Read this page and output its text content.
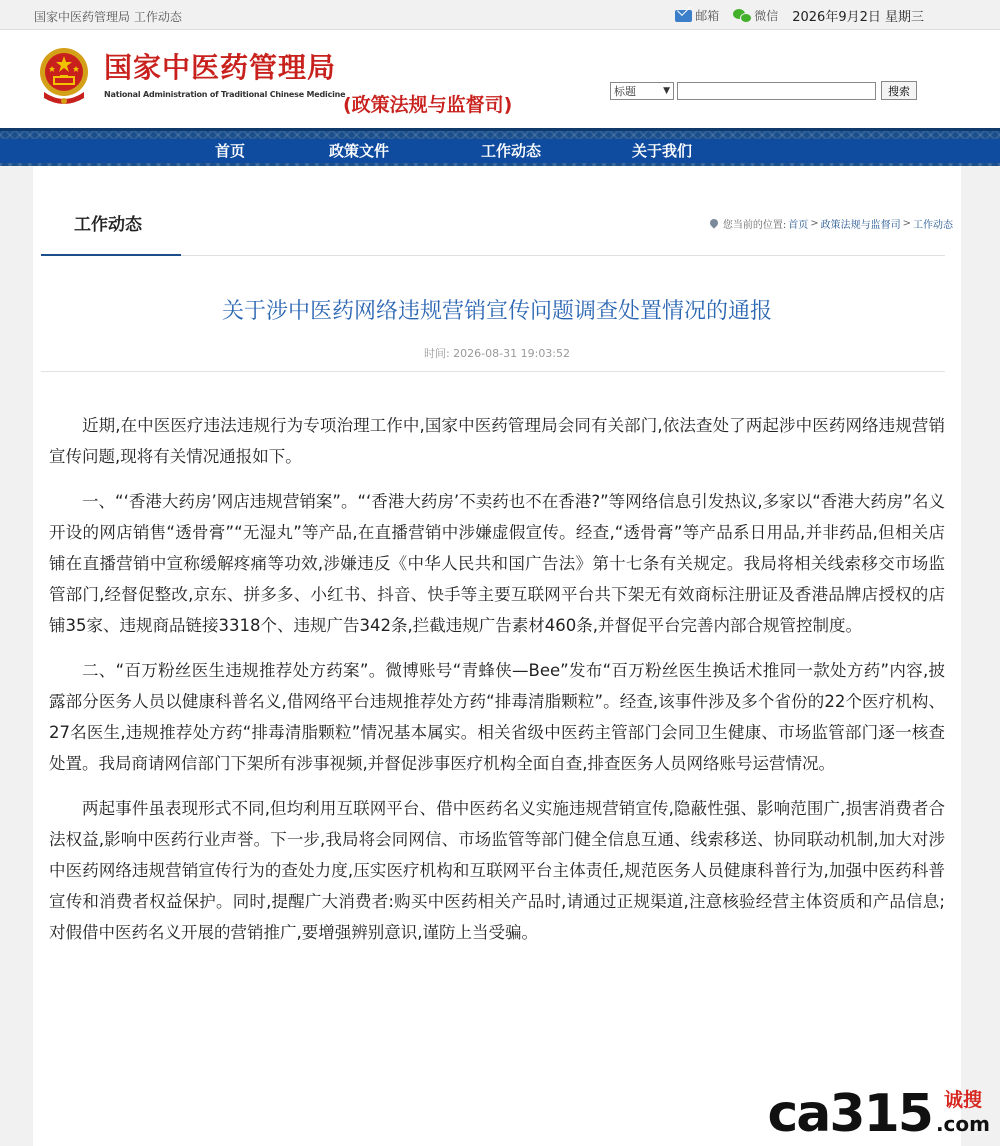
国家中医药管理局 工作动态	邮箱	微信 2026年9月2日 星期三
国家中医药管理局
National Administration of Traditional Chinese Medicine
(政策法规与监督司)
标题	▼	搜索
首页	政策文件	工作动态	关于我们
工作动态	您当前的位置: 首页 > 政策法规与监督司 > 工作动态
关于涉中医药网络违规营销宣传问题调查处置情况的通报
时间: 2026-08-31 19:03:52

近期,在中医医疗违法违规行为专项治理工作中,国家中医药管理局会同有关部门,依法查处了两起涉中医药网络违规营销宣传问题,现将有关情况通报如下。

一、“‘香港大药房’网店违规营销案”。“‘香港大药房’不卖药也不在香港?”等网络信息引发热议,多家以“香港大药房”名义开设的网店销售“透骨膏”“无湿丸”等产品,在直播营销中涉嫌虚假宣传。经查,“透骨膏”等产品系日用品,并非药品,但相关店铺在直播营销中宣称缓解疼痛等功效,涉嫌违反《中华人民共和国广告法》第十七条有关规定。我局将相关线索移交市场监管部门,经督促整改,京东、拼多多、小红书、抖音、快手等主要互联网平台共下架无有效商标注册证及香港品牌店授权的店铺35家、违规商品链接3318个、违规广告342条,拦截违规广告素材460条,并督促平台完善内部合规管控制度。

二、“百万粉丝医生违规推荐处方药案”。微博账号“青蜂侠—Bee”发布“百万粉丝医生换话术推同一款处方药”内容,披露部分医务人员以健康科普名义,借网络平台违规推荐处方药“排毒清脂颗粒”。经查,该事件涉及多个省份的22个医疗机构、27名医生,违规推荐处方药“排毒清脂颗粒”情况基本属实。相关省级中医药主管部门会同卫生健康、市场监管部门逐一核查处置。我局商请网信部门下架所有涉事视频,并督促涉事医疗机构全面自查,排查医务人员网络账号运营情况。

两起事件虽表现形式不同,但均利用互联网平台、借中医药名义实施违规营销宣传,隐蔽性强、影响范围广,损害消费者合法权益,影响中医药行业声誉。下一步,我局将会同网信、市场监管等部门健全信息互通、线索移送、协同联动机制,加大对涉中医药网络违规营销宣传行为的查处力度,压实医疗机构和互联网平台主体责任,规范医务人员健康科普行为,加强中医药科普宣传和消费者权益保护。同时,提醒广大消费者:购买中医药相关产品时,请通过正规渠道,注意核验经营主体资质和产品信息;对假借中医药名义开展的营销推广,要增强辨别意识,谨防上当受骗。

ca315 诚搜
.com
